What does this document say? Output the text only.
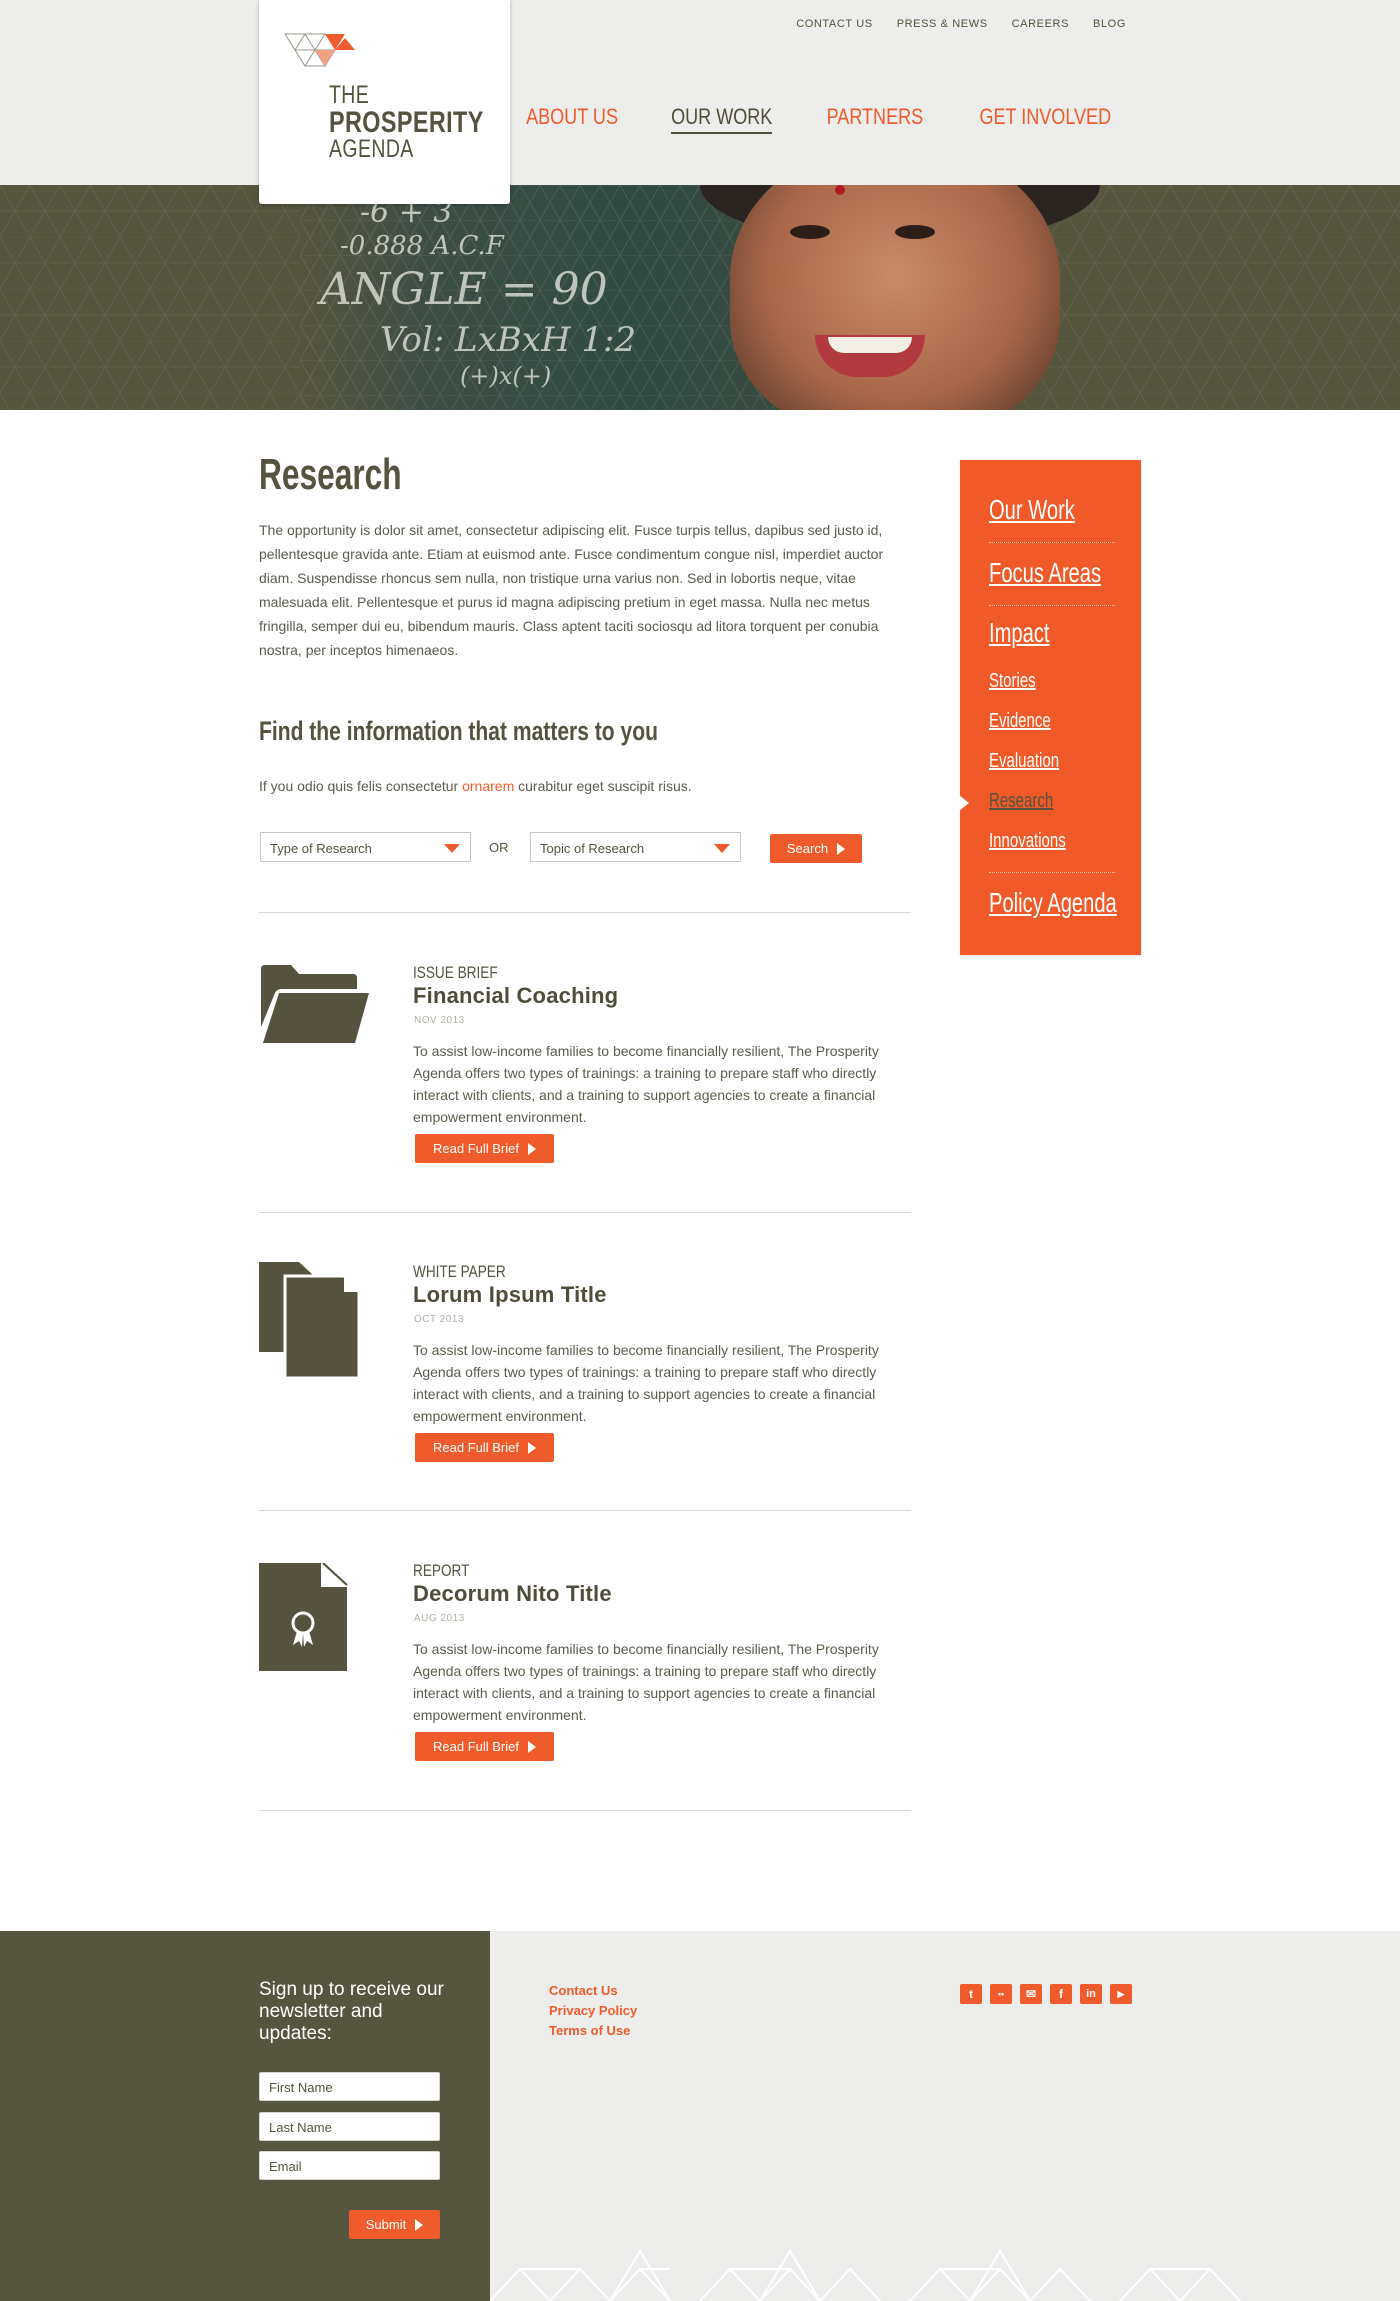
THE
PROSPERITY
AGENDA
CONTACT US PRESS & NEWS CAREERS BLOG
ABOUT US OUR WORK PARTNERS	GET INVOLVED
Research

The opportunity is dolor sit amet, consectetur adipiscing elit. Fusce turpis tellus, dapibus sed justo id, pellentesque gravida ante. Etiam at euismod ante. Fusce condimentum congue nisl, imperdiet auctor diam. Suspendisse rhoncus sem nulla, non tristique urna varius non. Sed in lobortis neque, vitae malesuada elit. Pellentesque et purus id magna adipiscing pretium in eget massa. Nulla nec metus fringilla, semper dui eu, bibendum mauris. Class aptent taciti sociosqu ad litora torquent per conubia nostra, per inceptos himenaeos.

Find the information that matters to you

If you odio quis felis consectetur ornarem curabitur eget suscipit risus.

Type of Research	OR	Topic of Research	Search
ISSUE BRIEF
Financial Coaching
NOV 2013

To assist low-income families to become financially resilient, The Prosperity Agenda offers two types of trainings: a training to prepare staff who directly interact with clients, and a training to support agencies to create a financial empowerment environment.

Read Full Brief
WHITE PAPER
Lorum Ipsum Title
OCT 2013

To assist low-income families to become financially resilient, The Prosperity Agenda offers two types of trainings: a training to prepare staff who directly interact with clients, and a training to support agencies to create a financial empowerment environment.

Read Full Brief
REPORT
Decorum Nito Title
AUG 2013

To assist low-income families to become financially resilient, The Prosperity Agenda offers two types of trainings: a training to prepare staff who directly interact with clients, and a training to support agencies to create a financial empowerment environment.

Read Full Brief
Our Work
Focus Areas
Impact
Stories
Evidence
Evaluation
Research
Innovations
Policy Agenda

Sign up to receive our newsletter and updates:

First Name
Last Name
Email
Submit
Contact Us
Privacy Policy
Terms of Use
t	••	✉	f	in	▶
